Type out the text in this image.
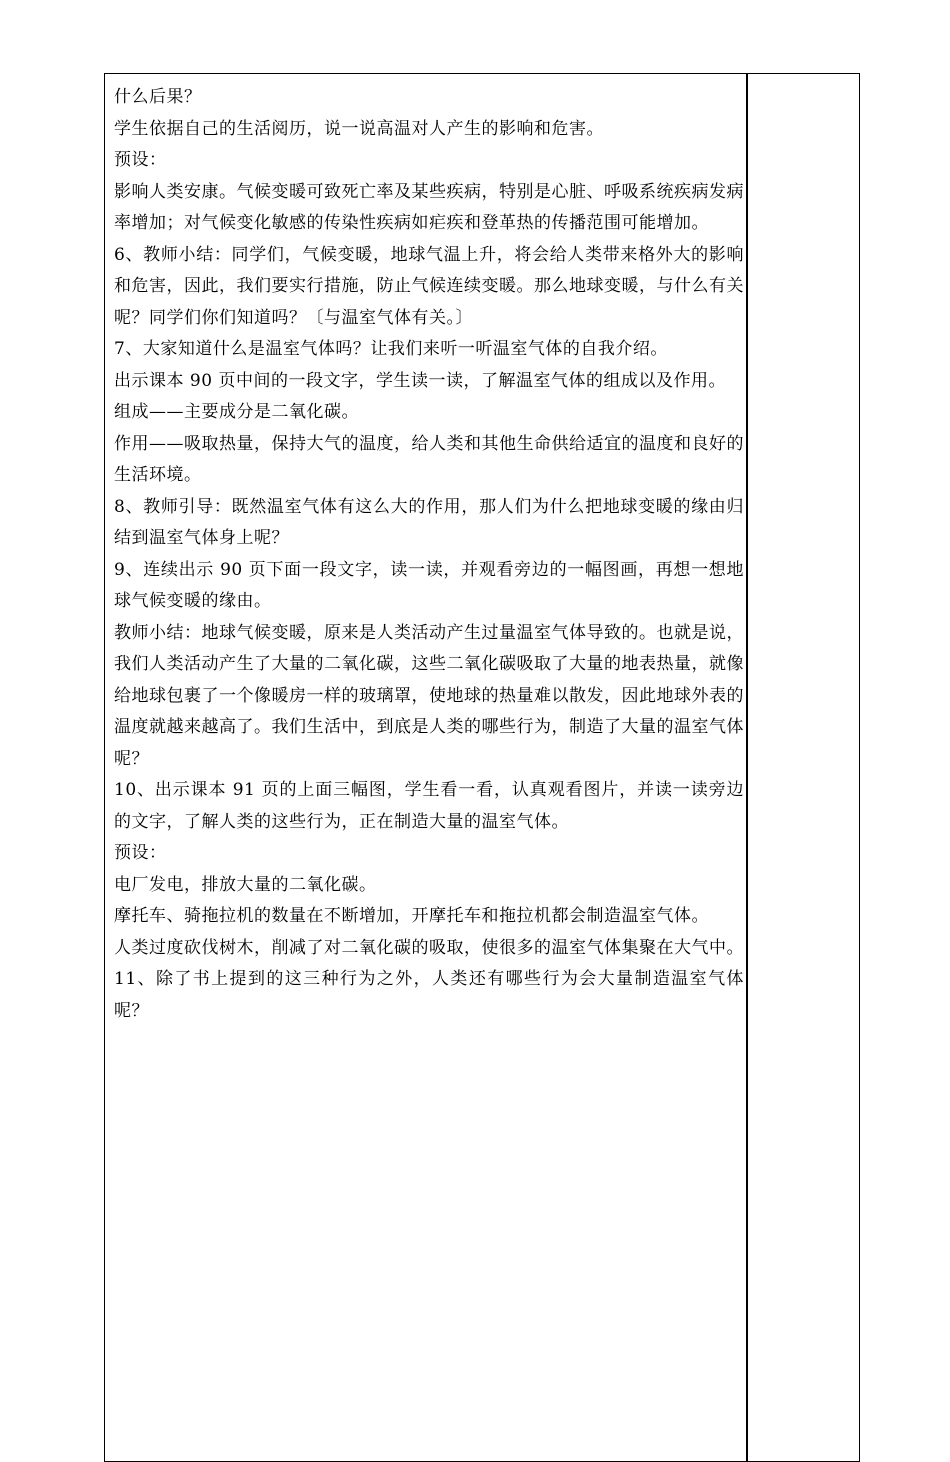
什么后果？

学生依据自己的生活阅历，说一说高温对人产生的影响和危害。

预设：

影响人类安康。气候变暖可致死亡率及某些疾病，特别是心脏、呼吸系统疾病发病率增加；对气候变化敏感的传染性疾病如疟疾和登革热的传播范围可能增加。

6、教师小结：同学们，气候变暖，地球气温上升，将会给人类带来格外大的影响和危害，因此，我们要实行措施，防止气候连续变暖。那么地球变暖，与什么有关呢？同学们你们知道吗？〔与温室气体有关。〕

7、大家知道什么是温室气体吗？让我们来听一听温室气体的自我介绍。

出示课本 90 页中间的一段文字，学生读一读，了解温室气体的组成以及作用。

组成——主要成分是二氧化碳。

作用——吸取热量，保持大气的温度，给人类和其他生命供给适宜的温度和良好的生活环境。

8、教师引导：既然温室气体有这么大的作用，那人们为什么把地球变暖的缘由归结到温室气体身上呢？

9、连续出示 90 页下面一段文字，读一读，并观看旁边的一幅图画，再想一想地球气候变暖的缘由。

教师小结：地球气候变暖，原来是人类活动产生过量温室气体导致的。也就是说，我们人类活动产生了大量的二氧化碳，这些二氧化碳吸取了大量的地表热量，就像给地球包裹了一个像暖房一样的玻璃罩，使地球的热量难以散发，因此地球外表的温度就越来越高了。我们生活中，到底是人类的哪些行为，制造了大量的温室气体呢？

10、出示课本 91 页的上面三幅图，学生看一看，认真观看图片，并读一读旁边的文字，了解人类的这些行为，正在制造大量的温室气体。

预设：

电厂发电，排放大量的二氧化碳。

摩托车、骑拖拉机的数量在不断增加，开摩托车和拖拉机都会制造温室气体。

人类过度砍伐树木，削减了对二氧化碳的吸取，使很多的温室气体集聚在大气中。

11、除了书上提到的这三种行为之外，人类还有哪些行为会大量制造温室气体呢？
